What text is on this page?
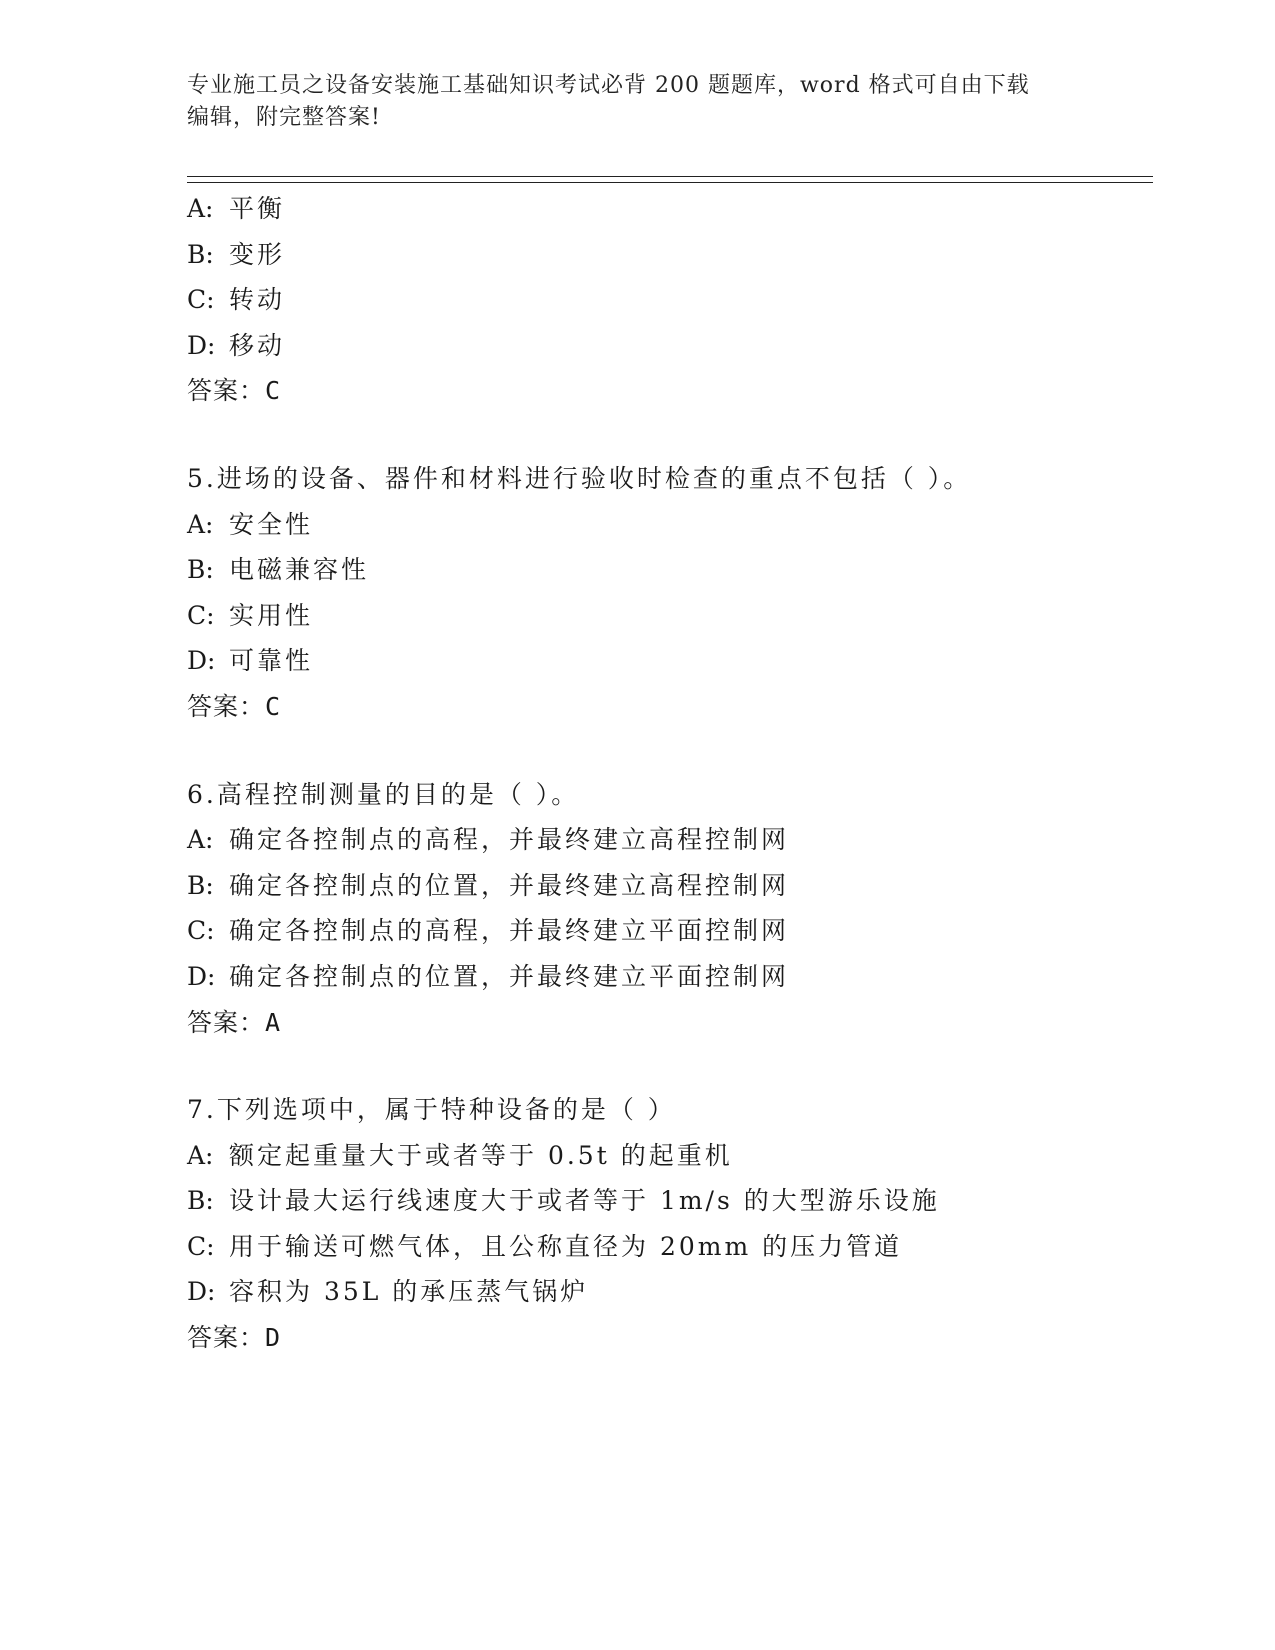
专业施工员之设备安装施工基础知识考试必背 200 题题库，word 格式可自由下载
编辑，附完整答案!
A: 平衡
B: 变形
C: 转动
D: 移动
答案：C
5.进场的设备、器件和材料进行验收时检查的重点不包括（ ）。
A: 安全性
B: 电磁兼容性
C: 实用性
D: 可靠性
答案：C
6.高程控制测量的目的是（ ）。
A: 确定各控制点的高程，并最终建立高程控制网
B: 确定各控制点的位置，并最终建立高程控制网
C: 确定各控制点的高程，并最终建立平面控制网
D: 确定各控制点的位置，并最终建立平面控制网
答案：A
7.下列选项中，属于特种设备的是（ ）
A: 额定起重量大于或者等于 0.5t 的起重机
B: 设计最大运行线速度大于或者等于 1m/s 的大型游乐设施
C: 用于输送可燃气体，且公称直径为 20mm 的压力管道
D: 容积为 35L 的承压蒸气锅炉
答案：D
